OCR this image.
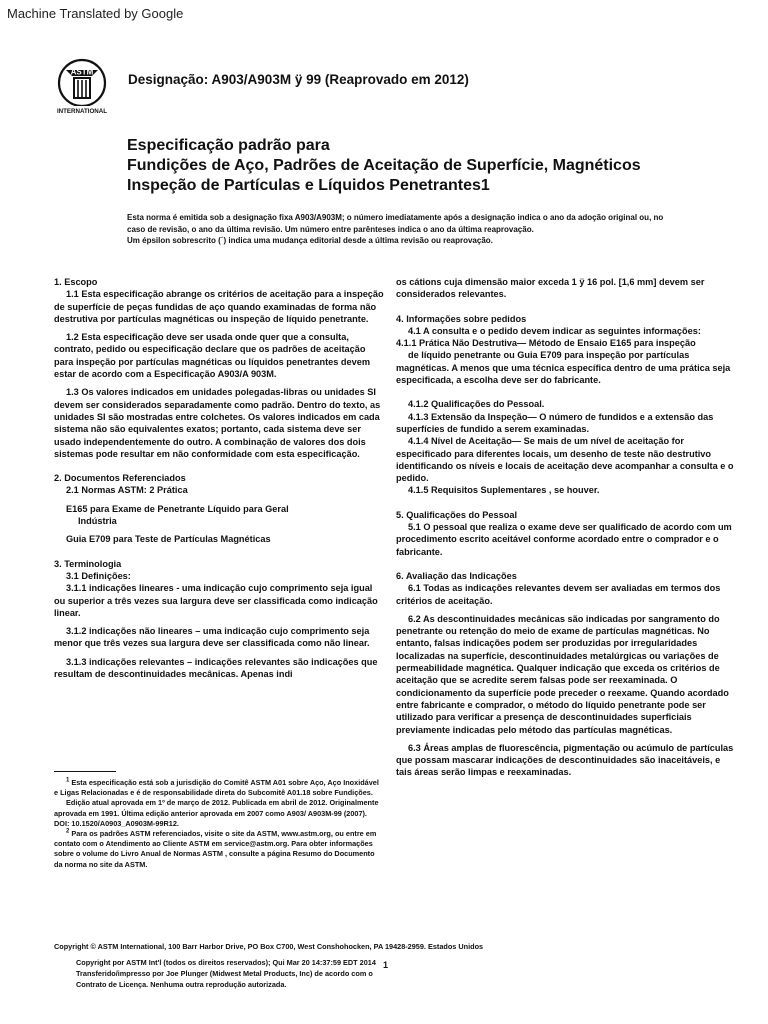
Machine Translated by Google
ASTM
INTERNATIONAL
Designação: A903/A903M ÿ 99 (Reaprovado em 2012)
Especificação padrão para
Fundições de Aço, Padrões de Aceitação de Superfície, Magnéticos
Inspeção de Partículas e Líquidos Penetrantes1
Esta norma é emitida sob a designação fixa A903/A903M; o número imediatamente após a designação indica o ano da adoção original ou, no
caso de revisão, o ano da última revisão. Um número entre parênteses indica o ano da última reaprovação.
Um épsilon sobrescrito (´) indica uma mudança editorial desde a última revisão ou reaprovação.

1. Escopo

1.1 Esta especificação abrange os critérios de aceitação para a inspeção de superfície de peças fundidas de aço quando examinadas de forma não destrutiva por partículas magnéticas ou inspeção de líquido penetrante.

1.2 Esta especificação deve ser usada onde quer que a consulta, contrato, pedido ou especificação declare que os padrões de aceitação para inspeção por partículas magnéticas ou líquidos penetrantes devem estar de acordo com a Especificação A903/A 903M.

1.3 Os valores indicados em unidades polegadas-libras ou unidades SI devem ser considerados separadamente como padrão. Dentro do texto, as unidades SI são mostradas entre colchetes. Os valores indicados em cada sistema não são equivalentes exatos; portanto, cada sistema deve ser usado independentemente do outro. A combinação de valores dos dois sistemas pode resultar em não conformidade com esta especificação.

2. Documentos Referenciados

2.1 Normas ASTM: 2 Prática

E165 para Exame de Penetrante Líquido para Geral

Indústria

Guia E709 para Teste de Partículas Magnéticas

3. Terminologia

3.1 Definições:

3.1.1 indicações lineares - uma indicação cujo comprimento seja igual ou superior a três vezes sua largura deve ser classificada como indicação linear.

3.1.2 indicações não lineares – uma indicação cujo comprimento seja menor que três vezes sua largura deve ser classificada como não linear.

3.1.3 indicações relevantes – indicações relevantes são indicações que resultam de descontinuidades mecânicas. Apenas indi

os cátions cuja dimensão maior exceda 1 ÿ 16 pol. [1,6 mm] devem ser considerados relevantes.

4. Informações sobre pedidos

4.1 A consulta e o pedido devem indicar as seguintes informações:

4.1.1 Prática Não Destrutiva— Método de Ensaio E165 para inspeção

de líquido penetrante ou Guia E709 para inspeção por partículas magnéticas. A menos que uma técnica específica dentro de uma prática seja especificada, a escolha deve ser do fabricante.

4.1.2 Qualificações do Pessoal.

4.1.3 Extensão da Inspeção— O número de fundidos e a extensão das superfícies de fundido a serem examinadas.

4.1.4 Nível de Aceitação— Se mais de um nível de aceitação for especificado para diferentes locais, um desenho de teste não destrutivo identificando os níveis e locais de aceitação deve acompanhar a consulta e o pedido.

4.1.5 Requisitos Suplementares , se houver.

5. Qualificações do Pessoal

5.1 O pessoal que realiza o exame deve ser qualificado de acordo com um procedimento escrito aceitável conforme acordado entre o comprador e o fabricante.

6. Avaliação das Indicações

6.1 Todas as indicações relevantes devem ser avaliadas em termos dos critérios de aceitação.

6.2 As descontinuidades mecânicas são indicadas por sangramento do penetrante ou retenção do meio de exame de partículas magnéticas. No entanto, falsas indicações podem ser produzidas por irregularidades localizadas na superfície, descontinuidades metalúrgicas ou variações de permeabilidade magnética. Qualquer indicação que exceda os critérios de aceitação que se acredite serem falsas pode ser reexaminada. O condicionamento da superfície pode preceder o reexame. Quando acordado entre fabricante e comprador, o método do líquido penetrante pode ser utilizado para verificar a presença de descontinuidades superficiais previamente indicadas pelo método das partículas magnéticas.

6.3 Áreas amplas de fluorescência, pigmentação ou acúmulo de partículas que possam mascarar indicações de descontinuidades são inaceitáveis, e tais áreas serão limpas e reexaminadas.

$^1$ Esta especificação está sob a jurisdição do Comitê ASTM A01 sobre Aço, Aço Inoxidável e Ligas Relacionadas e é de responsabilidade direta do Subcomitê A01.18 sobre Fundições.

Edição atual aprovada em 1º de março de 2012. Publicada em abril de 2012. Originalmente aprovada em 1991. Última edição anterior aprovada em 2007 como A903/ A903M-99 (2007). DOI: 10.1520/A0903_A0903M-99R12.

$^2$ Para os padrões ASTM referenciados, visite o site da ASTM, www.astm.org, ou entre em contato com o Atendimento ao Cliente ASTM em service@astm.org. Para obter informações sobre o volume do Livro Anual de Normas ASTM , consulte a página Resumo do Documento da norma no site da ASTM.

Copyright © ASTM International, 100 Barr Harbor Drive, PO Box C700, West Conshohocken, PA 19428-2959. Estados Unidos
Copyright por ASTM Int'l (todos os direitos reservados); Qui Mar 20 14:37:59 EDT 2014 Transferido/impresso por Joe Plunger (Midwest Metal Products, Inc) de acordo com o Contrato de Licença. Nenhuma outra reprodução autorizada.
1
